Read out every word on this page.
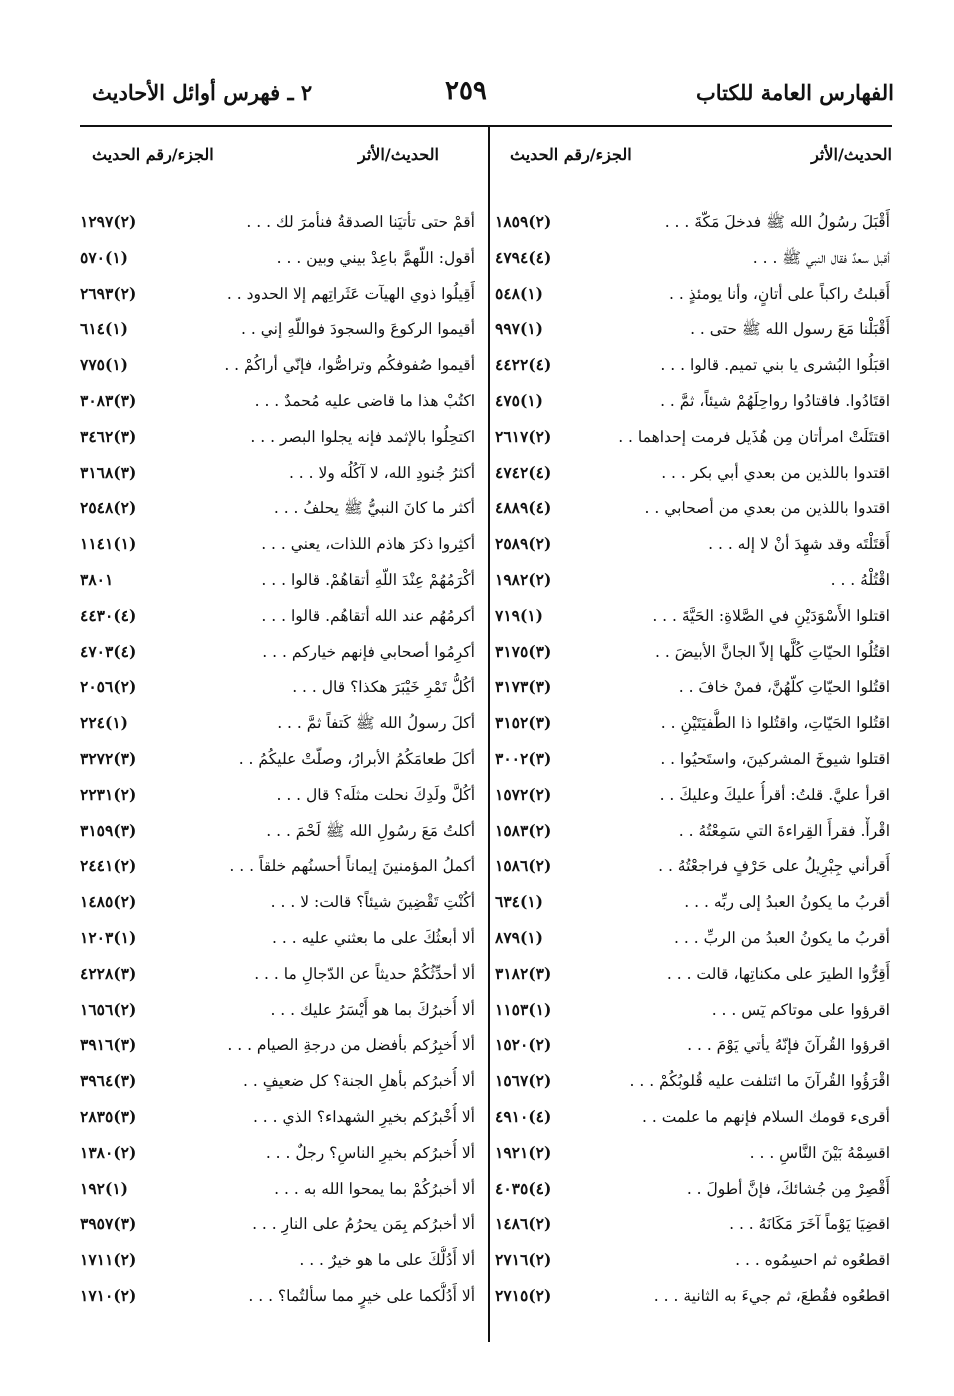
الفهارس العامة للكتاب
٢٥٩
٢ ـ فهرس أوائل الأحاديث
الحديث/الأثر
الجزء/رقم الحديث
الحديث/الأثر
الجزء/رقم الحديث
أَقْبَلَ رسُولُ الله ﷺ فدخلَ مَكّةَ . . .
(٢)١٨٥٩
أقبل سعدٌ فقال النبي ﷺ . . .
(٤)٤٧٩٤
أَقبلتُ راكباً على أتانٍ، وأنا يومئذٍ . .
(١)٥٤٨
أَقْبَلْنا مَعَ رسول الله ﷺ حتى . .
(١)٩٩٧
اقبَلُوا البُشرى يا بني تميم. قالوا . . .
(٤)٤٤٢٢
اقتَادُوا. فاقتادُوا رواحِلَهُمْ شيئاً، ثمَّ . .
(١)٤٧٥
اقتتَلَتْ امرأتان مِن هُذَيل فرمت إحداهما . .
(٢)٢٦١٧
اقتدوا باللذين من بعدي أبي بكر . . .
(٤)٤٧٤٢
اقتدوا باللذين من بعدي من أصحابي . .
(٤)٤٨٨٩
أَقتَلْتَه وقد شهِدَ أنْ لا إله . . .
(٢)٢٥٨٩
اقْتُلْهُ . . .
(٢)١٩٨٢
اقتلوا الأَسْوَدَيْنِ في الصَّلاةِ: الحَيَّةَ . . .
(١)٧١٩
اقتُلُوا الحيّاتِ كُلَّها إلاّ الجانَّ الأبيضَ . .
(٣)٣١٧٥
اقتُلوا الحيّاتِ كلّهُنَّ، فمنْ خافَ . .
(٣)٣١٧٣
اقتُلوا الحَيّاتِ، واقتُلوا ذا الطُّفيَتَيْنِ . .
(٣)٣١٥٢
اقتلوا شيوخَ المشركينَ، واستَحيُوا . .
(٣)٣٠٠٢
اقرأ عليَّ. قلتُ: أقرأُ عليكَ وعليكَ . .
(٢)١٥٧٢
اقْرأْ. فقرأَ القِراءةَ التي سَمِعْتُهُ . .
(٢)١٥٨٣
أَقرأني جِبْرِيلُ على حَرْفٍ فراجعْتُهُ . .
(٢)١٥٨٦
أقربُ ما يكونُ العبدُ إلى ربِّه . . .
(١)٦٣٤
أقربُ ما يكونُ العبدُ من الربِّ . . .
(١)٨٧٩
أَقِرُّوا الطيرَ على مكناتِها، قالت . . .
(٣)٣١٨٢
اقرؤوا على موتاكم يٓس . . .
(١)١١٥٣
اقرؤوا القُرآنَ فإنّهُ يأتي يَوْمَ . . .
(٢)١٥٢٠
اقْرَؤُوا القُرآنَ ما ائتلفت عليه قُلوبُكُمْ . . .
(٢)١٥٦٧
أقرىء قومك السلام فإنهم ما علمت . .
(٤)٤٩١٠
اقسِمْهُ بَيْنَ النَّاسِ . . .
(٢)١٩٢١
أَقْصِرْ مِن جُشائكَ، فإنَّ أطولَ . .
(٤)٤٠٣٥
اقضِيَا يَوْماً آخَرَ مَكَانَهُ . . .
(٢)١٤٨٦
اقطعُوه ثم احسِمُوه . . .
(٢)٢٧١٦
اقطعُوه فقُطعَ، ثم جيءَ به الثانية . . .
(٢)٢٧١٥
أقمْ حتى تأتيَنا الصدقةُ فنأمرَ لك . . .
(٢)١٢٩٧
أقول: اللّهمَّ باعِدْ بيني وبين . . .
(١)٥٧٠
أَقِيلُوا ذوي الهيآت عَثَراتِهم إلا الحدود . .
(٢)٢٦٩٣
أقيموا الركوعَ والسجودَ فواللّهِ إني . .
(١)٦١٤
أقيموا صُفوفكُم وتراصُّوا، فإنّي أراكُمْ . .
(١)٧٧٥
اكتُبْ هذا ما قاضى عليه مُحمدٌ . . .
(٣)٣٠٨٣
اكتحِلُوا بالإثمد فإنه يجلوا البصر . . .
(٣)٣٤٦٢
أكثرُ جُنودِ الله، لا آكُلُه ولا . . .
(٣)٣١٦٨
أكثر ما كانَ النبيُّ ﷺ يحلفُ . . .
(٢)٢٥٤٨
أكثِروا ذكرَ هاذم اللذات، يعني . . .
(١)١١٤١
أكْرَمُهُمْ عِنْدَ اللّهِ أتقاهُمْ. قالوا . . .
٣٨٠١
أكرمُهُم عند الله أتقاهُم. قالوا . . .
(٤)٤٤٣٠
أكرِمُوا أصحابي فإنهم خياركم . . .
(٤)٤٧٠٣
أكُلُّ تَمْرِ خَيْبَرَ هكذا؟ قال . . .
(٢)٢٠٥٦
أكلَ رسولُ الله ﷺ كَتفاً ثمَّ . . .
(١)٢٢٤
أكلَ طعامَكُمُ الأبرارُ، وصلّتْ عليكُمُ . .
(٣)٣٢٧٢
أكُلَّ ولَدِكَ نحلت مثلَه؟ قال . . .
(٢)٢٢٣١
أكلتُ مَعَ رسُولِ الله ﷺ لَحْمَ . . .
(٣)٣١٥٩
أكملُ المؤمنينَ إيماناً أحسنُهم خلقاً . . .
(٢)٢٤٤١
أكُنْتِ تَقْضِينَ شيئاً؟ قالت: لا . . .
(٢)١٤٨٥
ألا أبعثُكَ على ما بعثني عليه . . .
(١)١٢٠٣
ألا أحدِّثُكُمْ حديثاً عن الدّجالِ ما . . .
(٣)٤٢٢٨
ألا أُخبرُكَ بما هو أَيْسَرُ عليك . . .
(٢)١٦٥٦
ألا أُخبِرُكم بأفضل من درجةِ الصيام . . .
(٣)٣٩١٦
ألا أُخبرُكم بأهلِ الجنة؟ كل ضعيفٍ . .
(٣)٣٩٦٤
ألا أُخْبرُكم بخيرِ الشهداء؟ الذي . . .
(٣)٢٨٣٥
ألا أُخبرُكم بخيرِ الناسِ؟ رجلٌ . . .
(٢)١٣٨٠
ألا أخبرُكُمْ بما يمحوا الله به . . .
(١)١٩٢
ألا أخبرُكم بِمَن يحرُمُ على النارِ . . .
(٣)٣٩٥٧
ألا أَدُلُّكَ على ما هو خيرٌ . . .
(٢)١٧١١
ألا أَدُلُّكما على خيرٍ مما سألتُما؟ . . .
(٢)١٧١٠
